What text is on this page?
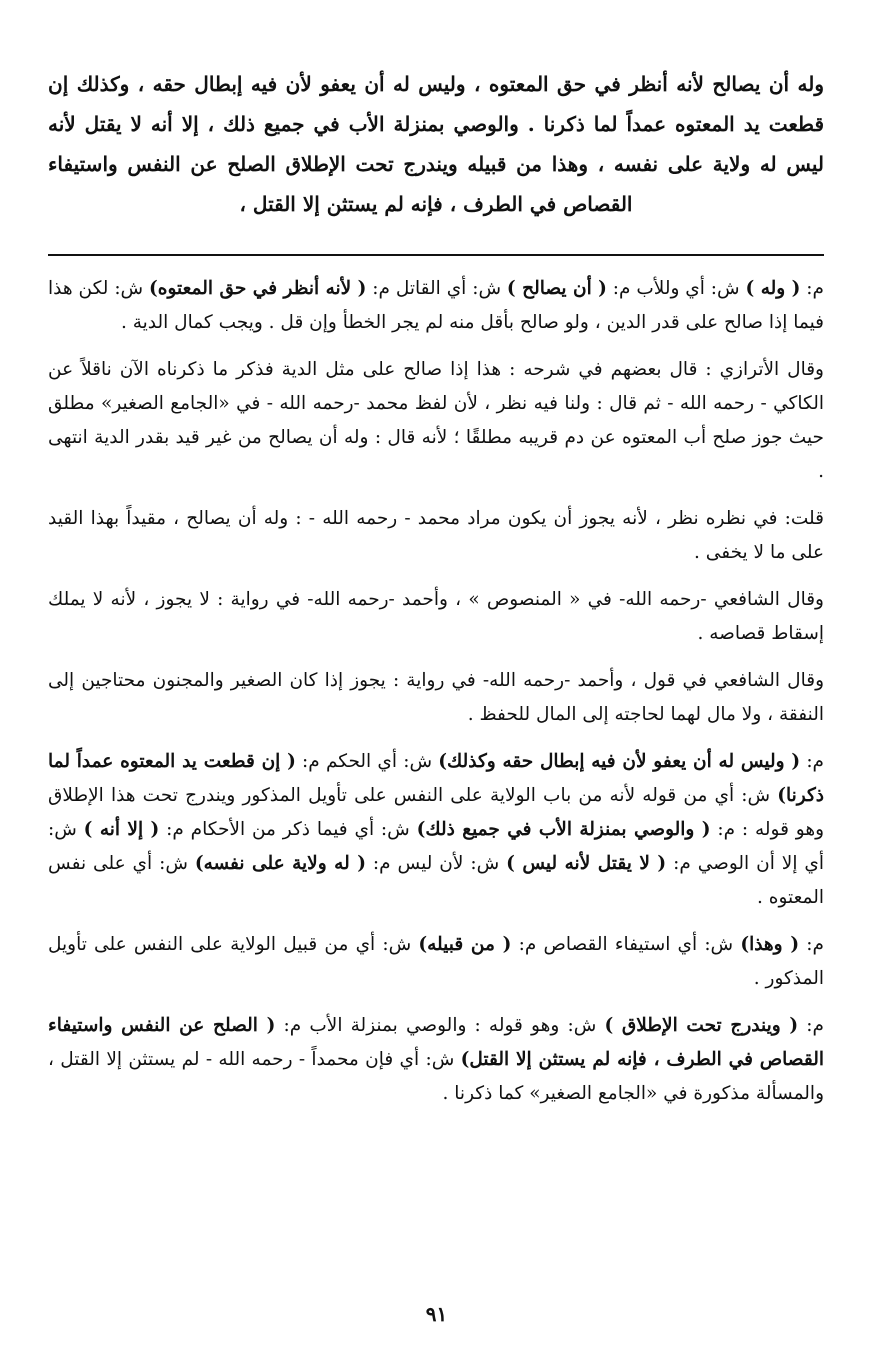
وله أن يصالح لأنه أنظر في حق المعتوه ، وليس له أن يعفو لأن فيه إبطال حقه ، وكذلك إن قطعت يد المعتوه عمداً لما ذكرنا . والوصي بمنزلة الأب في جميع ذلك ، إلا أنه لا يقتل لأنه ليس له ولاية على نفسه ، وهذا من قبيله ويندرج تحت الإطلاق الصلح عن النفس واستيفاء القصاص في الطرف ، فإنه لم يستثن إلا القتل ،

م: ( وله ) ش: أي وللأب م: ( أن يصالح ) ش: أي القاتل م: ( لأنه أنظر في حق المعتوه) ش: لكن هذا فيما إذا صالح على قدر الدين ، ولو صالح بأقل منه لم يجر الخطأ وإن قل . ويجب كمال الدية .

وقال الأترازي : قال بعضهم في شرحه : هذا إذا صالح على مثل الدية فذكر ما ذكرناه الآن ناقلاً عن الكاكي - رحمه الله - ثم قال : ولنا فيه نظر ، لأن لفظ محمد -رحمه الله - في «الجامع الصغير» مطلق حيث جوز صلح أب المعتوه عن دم قريبه مطلقًا ؛ لأنه قال : وله أن يصالح من غير قيد بقدر الدية انتهى .

قلت: في نظره نظر ، لأنه يجوز أن يكون مراد محمد - رحمه الله - : وله أن يصالح ، مقيداً بهذا القيد على ما لا يخفى .

وقال الشافعي -رحمه الله- في « المنصوص » ، وأحمد -رحمه الله- في رواية : لا يجوز ، لأنه لا يملك إسقاط قصاصه .

وقال الشافعي في قول ، وأحمد -رحمه الله- في رواية : يجوز إذا كان الصغير والمجنون محتاجين إلى النفقة ، ولا مال لهما لحاجته إلى المال للحفظ .

م: ( وليس له أن يعفو لأن فيه إبطال حقه وكذلك) ش: أي الحكم م: ( إن قطعت يد المعتوه عمداً لما ذكرنا) ش: أي من قوله لأنه من باب الولاية على النفس على تأويل المذكور ويندرج تحت هذا الإطلاق وهو قوله : م: ( والوصي بمنزلة الأب في جميع ذلك) ش: أي فيما ذكر من الأحكام م: ( إلا أنه ) ش: أي إلا أن الوصي م: ( لا يقتل لأنه ليس ) ش: لأن ليس م: ( له ولاية على نفسه) ش: أي على نفس المعتوه .

م: ( وهذا) ش: أي استيفاء القصاص م: ( من قبيله) ش: أي من قبيل الولاية على النفس على تأويل المذكور .

م: ( ويندرج تحت الإطلاق ) ش: وهو قوله : والوصي بمنزلة الأب م: ( الصلح عن النفس واستيفاء القصاص في الطرف ، فإنه لم يستثن إلا القتل) ش: أي فإن محمداً - رحمه الله - لم يستثن إلا القتل ، والمسألة مذكورة في «الجامع الصغير» كما ذكرنا .

٩١
